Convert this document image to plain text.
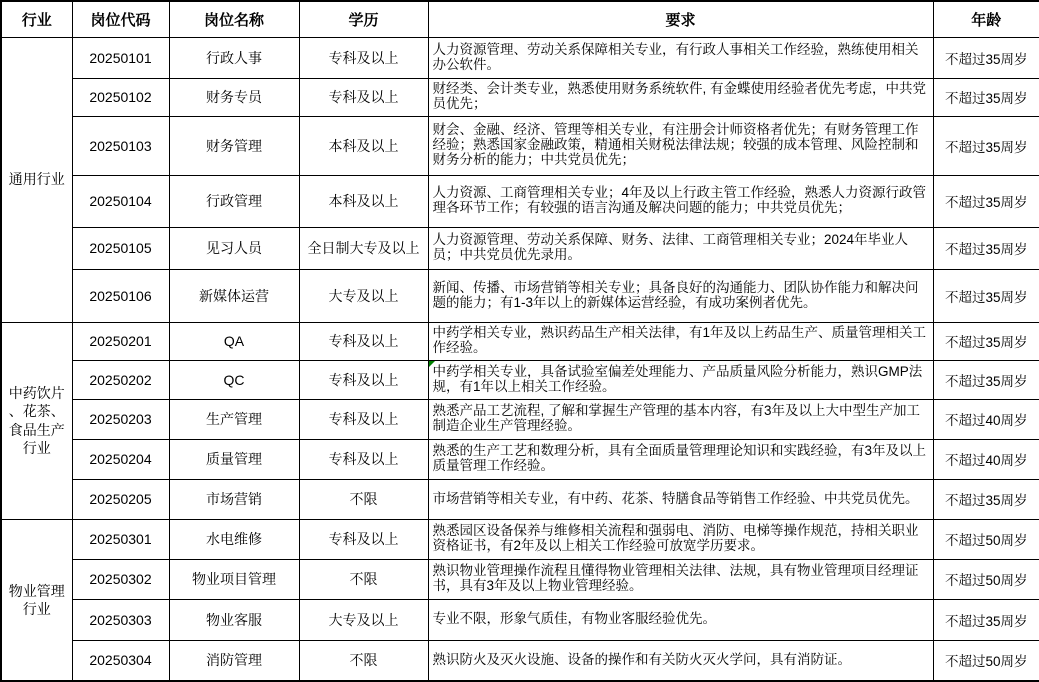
行业	岗位代码	岗位名称	学历	要求	年龄
通用行业	20250101	行政人事	专科及以上	人力资源管理、劳动关系保障相关专业，有行政人事相关工作经验，熟练使用相关办公软件。	不超过35周岁
	20250102	财务专员	专科及以上	财经类、会计类专业，熟悉使用财务系统软件, 有金蝶使用经验者优先考虑，中共党员优先；	不超过35周岁
	20250103	财务管理	本科及以上	财会、金融、经济、管理等相关专业，有注册会计师资格者优先；有财务管理工作经验；熟悉国家金融政策，精通相关财税法律法规；较强的成本管理、风险控制和财务分析的能力；中共党员优先；	不超过35周岁
	20250104	行政管理	本科及以上	人力资源、工商管理相关专业；4年及以上行政主管工作经验，熟悉人力资源行政管理各环节工作；有较强的语言沟通及解决问题的能力；中共党员优先；	不超过35周岁
	20250105	见习人员	全日制大专及以上	人力资源管理、劳动关系保障、财务、法律、工商管理相关专业；2024年毕业人员；中共党员优先录用。	不超过35周岁
	20250106	新媒体运营	大专及以上	新闻、传播、市场营销等相关专业；具备良好的沟通能力、团队协作能力和解决问题的能力；有1-3年以上的新媒体运营经验，有成功案例者优先。	不超过35周岁
中药饮片、花茶、食品生产行业	20250201	QA	专科及以上	中药学相关专业，熟识药品生产相关法律，有1年及以上药品生产、质量管理相关工作经验。	不超过35周岁
	20250202	QC	专科及以上	中药学相关专业，具备试验室偏差处理能力、产品质量风险分析能力，熟识GMP法规，有1年以上相关工作经验。	不超过35周岁
	20250203	生产管理	专科及以上	熟悉产品工艺流程, 了解和掌握生产管理的基本内容，有3年及以上大中型生产加工制造企业生产管理经验。	不超过40周岁
	20250204	质量管理	专科及以上	熟悉的生产工艺和数理分析，具有全面质量管理理论知识和实践经验，有3年及以上质量管理工作经验。	不超过40周岁
	20250205	市场营销	不限	市场营销等相关专业，有中药、花茶、特膳食品等销售工作经验、中共党员优先。	不超过35周岁
物业管理行业	20250301	水电维修	专科及以上	熟悉园区设备保养与维修相关流程和强弱电、消防、电梯等操作规范，持相关职业资格证书，有2年及以上相关工作经验可放宽学历要求。	不超过50周岁
	20250302	物业项目管理	不限	熟识物业管理操作流程且懂得物业管理相关法律、法规，具有物业管理项目经理证书，具有3年及以上物业管理经验。	不超过50周岁
	20250303	物业客服	大专及以上	专业不限，形象气质佳，有物业客服经验优先。	不超过35周岁
	20250304	消防管理	不限	熟识防火及灭火设施、设备的操作和有关防火灭火学问，具有消防证。	不超过50周岁
